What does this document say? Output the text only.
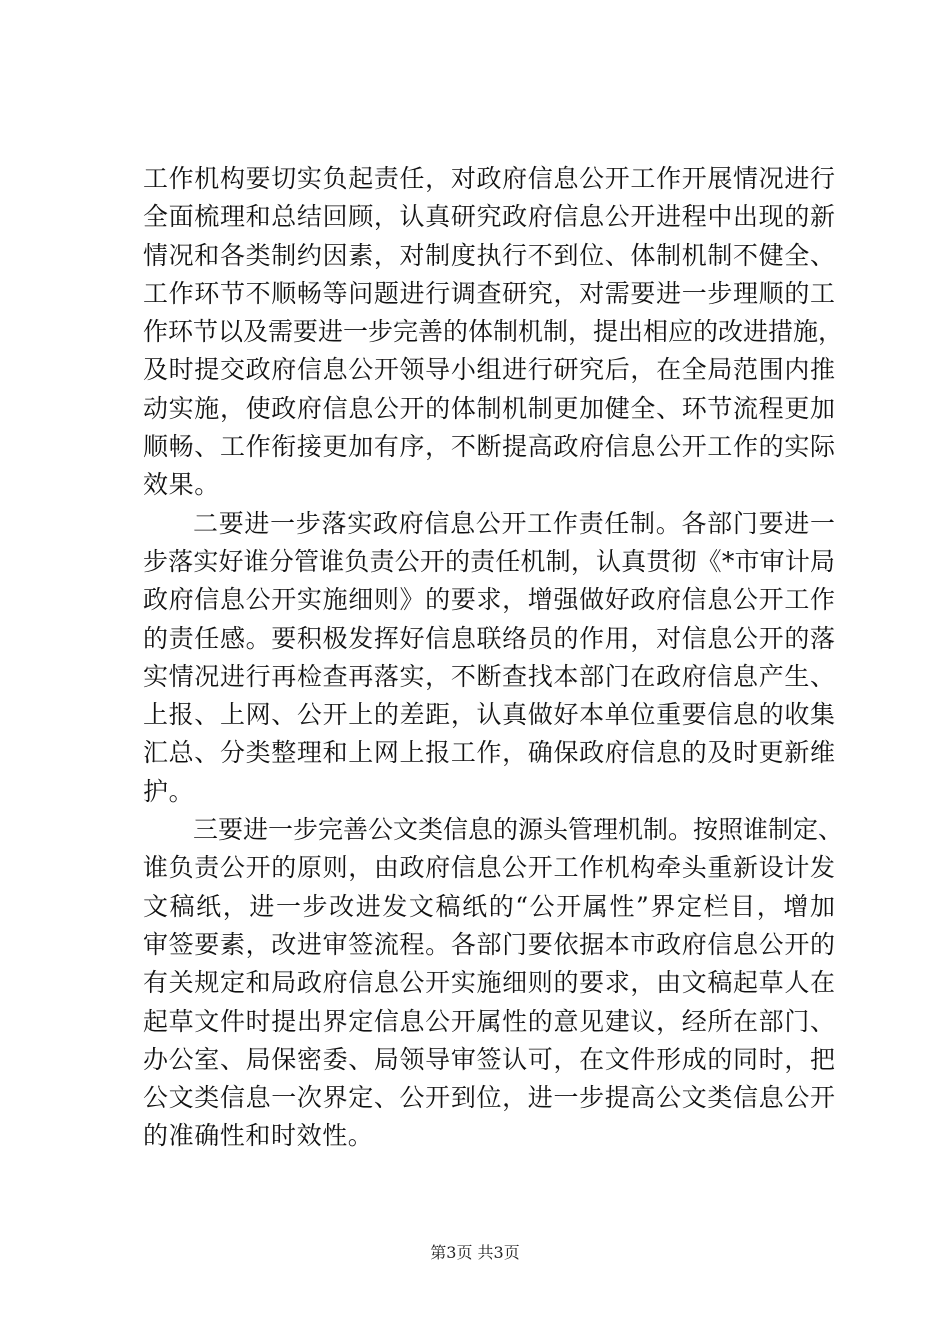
工作机构要切实负起责任，对政府信息公开工作开展情况进行
全面梳理和总结回顾，认真研究政府信息公开进程中出现的新
情况和各类制约因素，对制度执行不到位、体制机制不健全、
工作环节不顺畅等问题进行调查研究，对需要进一步理顺的工
作环节以及需要进一步完善的体制机制，提出相应的改进措施，
及时提交政府信息公开领导小组进行研究后，在全局范围内推
动实施，使政府信息公开的体制机制更加健全、环节流程更加
顺畅、工作衔接更加有序，不断提高政府信息公开工作的实际
效果。
二要进一步落实政府信息公开工作责任制。各部门要进一
步落实好谁分管谁负责公开的责任机制，认真贯彻《*市审计局
政府信息公开实施细则》的要求，增强做好政府信息公开工作
的责任感。要积极发挥好信息联络员的作用，对信息公开的落
实情况进行再检查再落实，不断查找本部门在政府信息产生、
上报、上网、公开上的差距，认真做好本单位重要信息的收集
汇总、分类整理和上网上报工作，确保政府信息的及时更新维
护。
三要进一步完善公文类信息的源头管理机制。按照谁制定、
谁负责公开的原则，由政府信息公开工作机构牵头重新设计发
文稿纸，进一步改进发文稿纸的“公开属性”界定栏目，增加
审签要素，改进审签流程。各部门要依据本市政府信息公开的
有关规定和局政府信息公开实施细则的要求，由文稿起草人在
起草文件时提出界定信息公开属性的意见建议，经所在部门、
办公室、局保密委、局领导审签认可，在文件形成的同时，把
公文类信息一次界定、公开到位，进一步提高公文类信息公开
的准确性和时效性。
第3页 共3页
